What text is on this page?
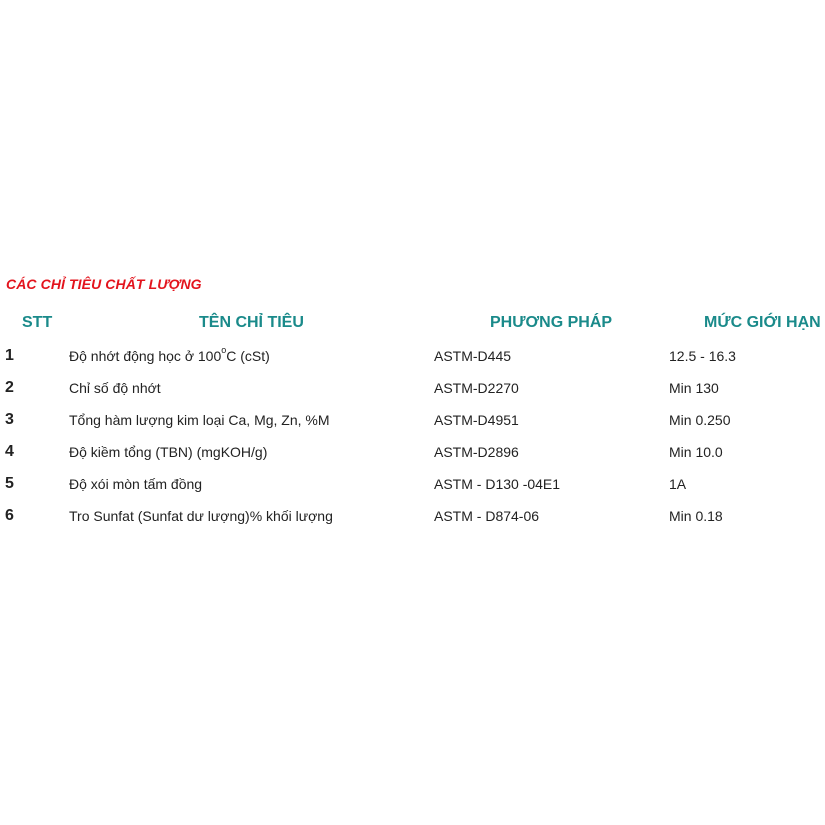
CÁC CHỈ TIÊU CHẤT LƯỢNG
STT	TÊN CHỈ TIÊU	PHƯƠNG PHÁP	MỨC GIỚI HẠN
1	Độ nhớt động học ở 100$^o$C (cSt)	ASTM-D445	12.5 - 16.3
2	Chỉ số độ nhớt	ASTM-D2270	Min 130
3	Tổng hàm lượng kim loại Ca, Mg, Zn, %M	ASTM-D4951	Min 0.250
4	Độ kiềm tổng (TBN) (mgKOH/g)	ASTM-D2896	Min 10.0
5	Độ xói mòn tấm đồng	ASTM - D130 -04E1	1A
6	Tro Sunfat (Sunfat dư lượng)% khối lượng	ASTM - D874-06	Min 0.18
